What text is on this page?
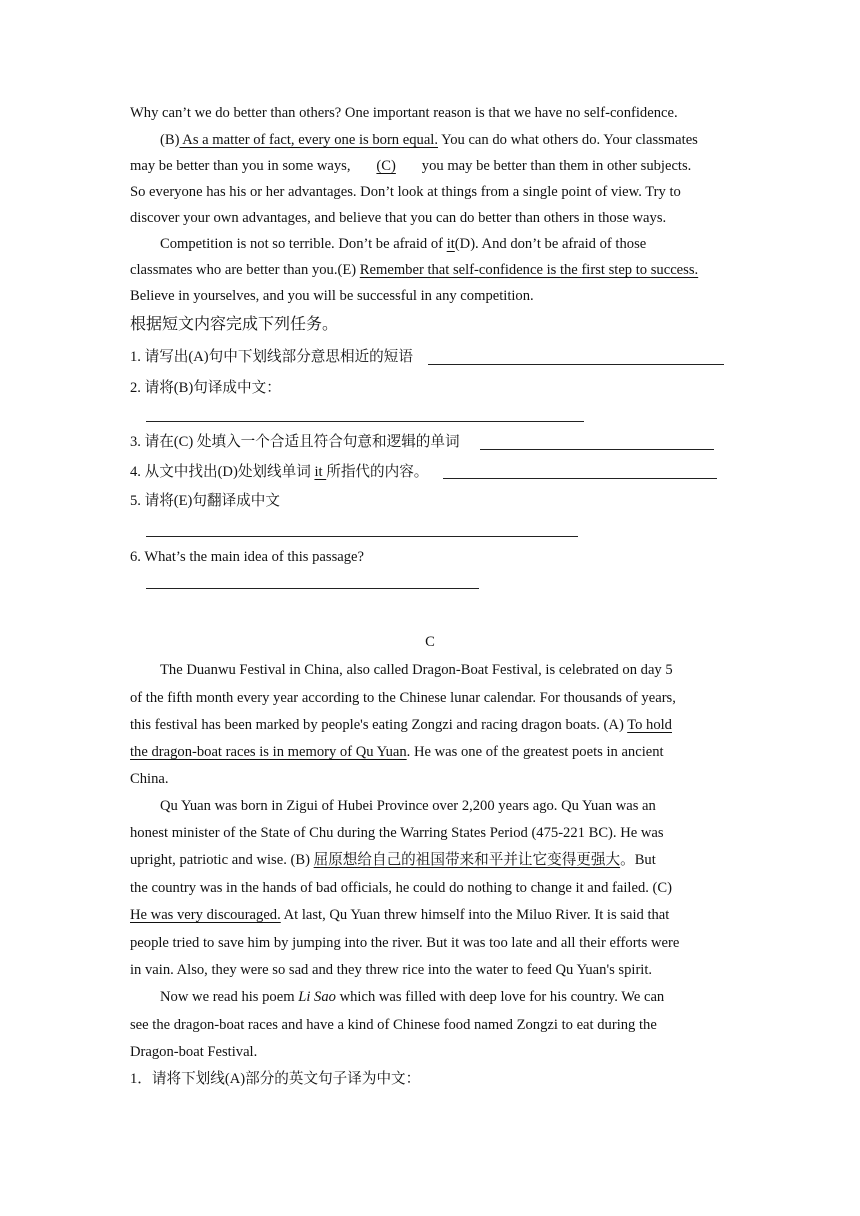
Why can’t we do better than others? One important reason is that we have no self-confidence.
(B) As a matter of fact, every one is born equal. You can do what others do. Your classmates
may be better than you in some ways, (C) you may be better than them in other subjects.
So everyone has his or her advantages. Don’t look at things from a single point of view. Try to
discover your own advantages, and believe that you can do better than others in those ways.
Competition is not so terrible. Don’t be afraid of it(D). And don’t be afraid of those
classmates who are better than you.(E) Remember that self-confidence is the first step to success.
Believe in yourselves, and you will be successful in any competition.
根据短文内容完成下列任务。
1. 请写出(A)句中下划线部分意思相近的短语
2. 请将(B)句译成中文：
3. 请在(C) 处填入一个合适且符合句意和逻辑的单词
4. 从文中找出(D)处划线单词 it 所指代的内容。
5. 请将(E)句翻译成中文
6. What’s the main idea of this passage?
C
The Duanwu Festival in China, also called Dragon-Boat Festival, is celebrated on day 5
of the fifth month every year according to the Chinese lunar calendar. For thousands of years,
this festival has been marked by people's eating Zongzi and racing dragon boats. (A) To hold
the dragon-boat races is in memory of Qu Yuan. He was one of the greatest poets in ancient
China.
Qu Yuan was born in Zigui of Hubei Province over 2,200 years ago. Qu Yuan was an
honest minister of the State of Chu during the Warring States Period (475-221 BC). He was
upright, patriotic and wise. (B) 屈原想给自己的祖国带来和平并让它变得更强大。But
the country was in the hands of bad officials, he could do nothing to change it and failed. (C)
He was very discouraged. At last, Qu Yuan threw himself into the Miluo River. It is said that
people tried to save him by jumping into the river. But it was too late and all their efforts were
in vain. Also, they were so sad and they threw rice into the water to feed Qu Yuan's spirit.
Now we read his poem Li Sao which was filled with deep love for his country. We can
see the dragon-boat races and have a kind of Chinese food named Zongzi to eat during the
Dragon-boat Festival.
1．请将下划线(A)部分的英文句子译为中文：
